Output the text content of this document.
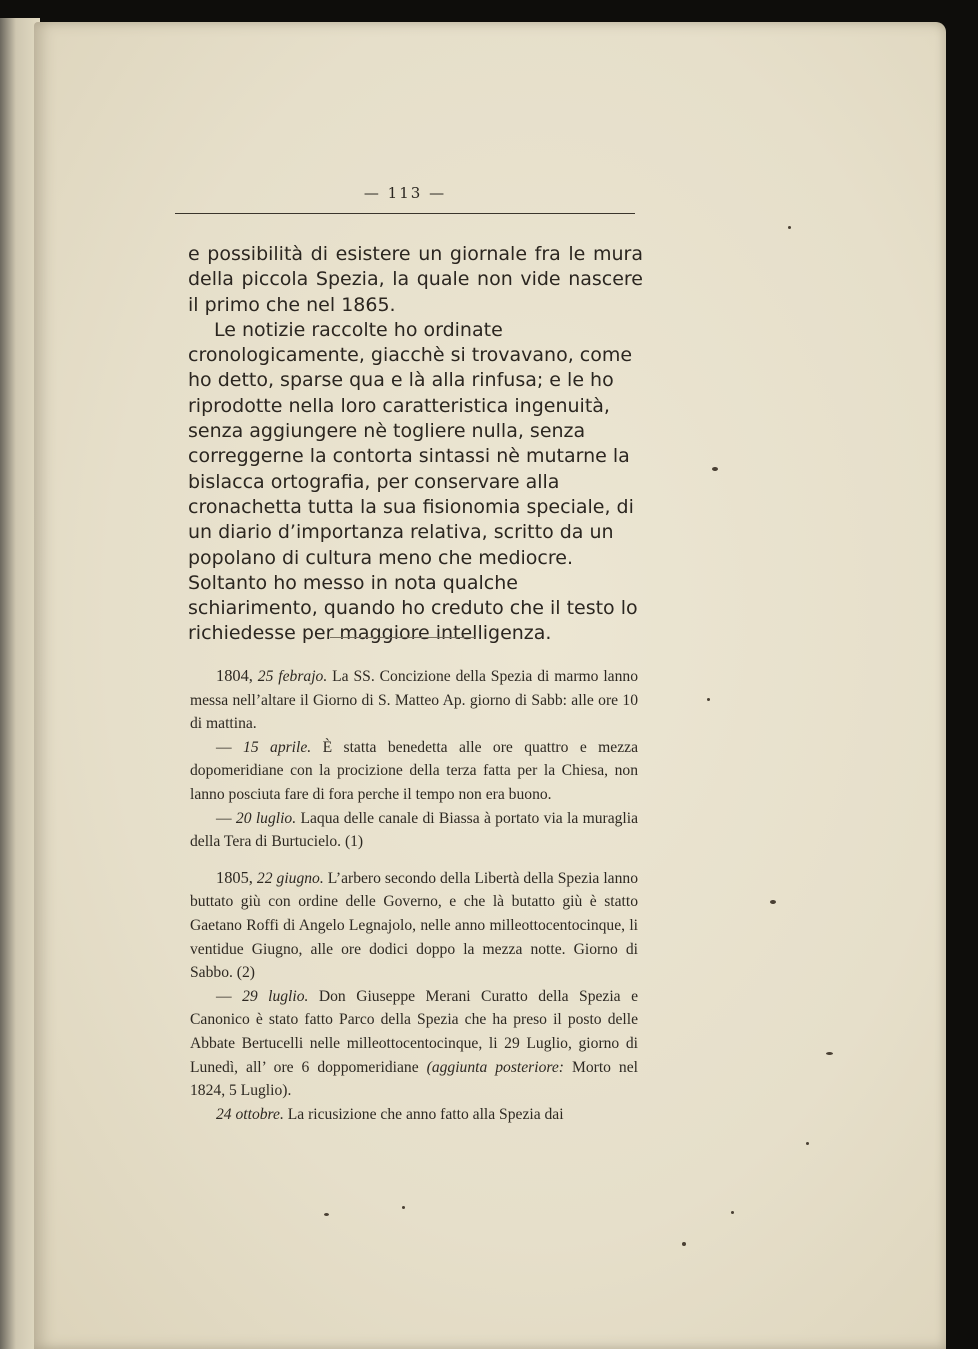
— 113 —

e possibilità di esistere un giornale fra le mura della piccola Spezia, la quale non vide nascere il primo che nel 1865.

Le notizie raccolte ho ordinate cronologicamente, giacchè si trovavano, come ho detto, sparse qua e là alla rinfusa; e le ho riprodotte nella loro caratteristica ingenuità, senza aggiungere nè togliere nulla, senza correggerne la contorta sintassi nè mutarne la bislacca ortografia, per conservare alla cronachetta tutta la sua fisionomia speciale, di un diario d’importanza relativa, scritto da un popolano di cultura meno che mediocre. Soltanto ho messo in nota qualche schiarimento, quando ho creduto che il testo lo richiedesse per maggiore intelligenza.

1804, 25 febrajo. La SS. Concizione della Spezia di marmo lanno messa nell’altare il Giorno di S. Matteo Ap. giorno di Sabb: alle ore 10 di mattina.

— 15 aprile. È statta benedetta alle ore quattro e mezza dopomeridiane con la procizione della terza fatta per la Chiesa, non lanno posciuta fare di fora perche il tempo non era buono.

— 20 luglio. Laqua delle canale di Biassa à portato via la muraglia della Tera di Burtucielo. (1)

1805, 22 giugno. L’arbero secondo della Libertà della Spezia lanno buttato giù con ordine delle Governo, e che là butatto giù è statto Gaetano Roffi di Angelo Legnajolo, nelle anno milleottocentocinque, li ventidue Giugno, alle ore dodici doppo la mezza notte. Giorno di Sabbo. (2)

— 29 luglio. Don Giuseppe Merani Curatto della Spezia e Canonico è stato fatto Parco della Spezia che ha preso il posto delle Abbate Bertucelli nelle milleottocentocinque, li 29 Luglio, giorno di Lunedì, all’ ore 6 doppomeridiane (aggiunta posteriore: Morto nel 1824, 5 Luglio).

24 ottobre. La ricusizione che anno fatto alla Spezia dai
